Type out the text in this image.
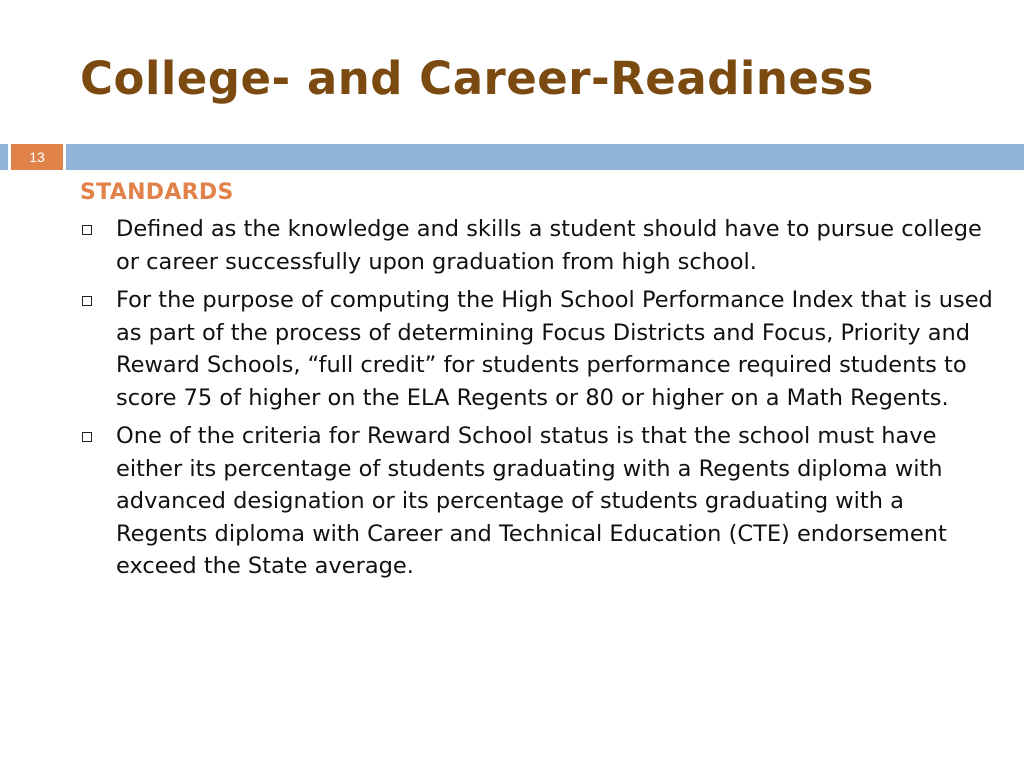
College- and Career-Readiness
13
STANDARDS
Defined as the knowledge and skills a student should have to pursue college or career successfully upon graduation from high school.
For the purpose of computing the High School Performance Index that is used as part of the process of determining Focus Districts and Focus, Priority and Reward Schools, “full credit” for students performance required students to score 75 of higher on the ELA Regents or 80 or higher on a Math Regents.
One of the criteria for Reward School status is that the school must have either its percentage of students graduating with a Regents diploma with advanced designation or its percentage of students graduating with a Regents diploma with Career and Technical Education (CTE) endorsement exceed the State average.
